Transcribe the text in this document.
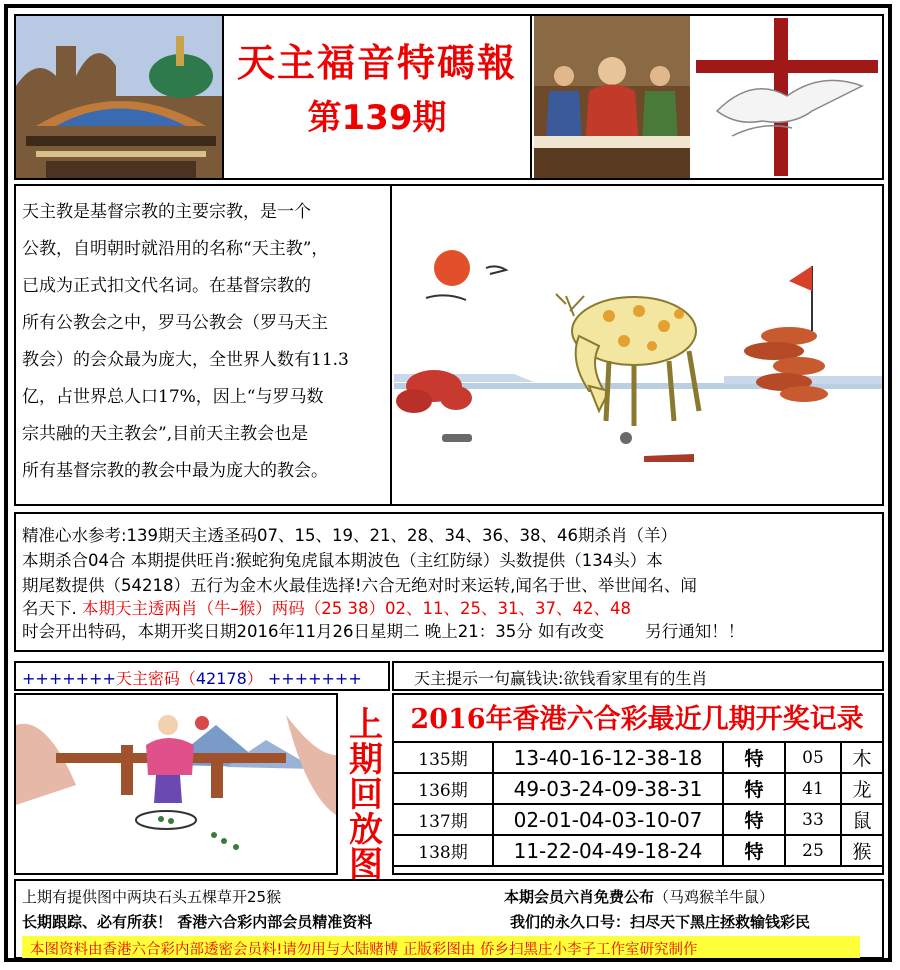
天主福音特碼報
第139期
天主教是基督宗教的主要宗教，是一个
公教，自明朝时就沿用的名称“天主教”，
已成为正式扣文代名词。在基督宗教的
所有公教会之中，罗马公教会（罗马天主
教会）的会众最为庞大，全世界人数有11.3
亿，占世界总人口17%，因上“与罗马数
宗共融的天主教会”,目前天主教会也是
所有基督宗教的教会中最为庞大的教会。
精准心水参考:139期天主透圣码07、15、19、21、28、34、36、38、46期杀肖（羊）
本期杀合04合 本期提供旺肖:猴蛇狗兔虎鼠本期波色（主红防绿）头数提供（134头）本
期尾数提供（54218）五行为金木火最佳选择!六合无绝对时来运转,闻名于世、举世闻名、闻
名天下. 本期天主透两肖（牛–猴）两码（25 38）02、11、25、31、37、42、48
时会开出特码，本期开奖日期2016年11月26日星期二 晚上21：35分 如有改变	另行通知！！
+++++++天主密码（42178） +++++++	天主提示一句赢钱诀:欲钱看家里有的生肖
上
期
回
放
图
2016年香港六合彩最近几期开奖记录
135期	13-40-16-12-38-18	特	05	木
136期	49-03-24-09-38-31	特	41	龙
137期	02-01-04-03-10-07	特	33	鼠
138期	11-22-04-49-18-24	特	25	猴
上期有提供图中两块石头五棵草开25猴	本期会员六肖免费公布（马鸡猴羊牛鼠）
长期跟踪、必有所获！ 香港六合彩内部会员精准资料	我们的永久口号：扫尽天下黑庄拯救输钱彩民
本图资料由香港六合彩内部透密会员料!请勿用与大陆赌博 正版彩图由 侨乡扫黑庄小李子工作室研究制作
